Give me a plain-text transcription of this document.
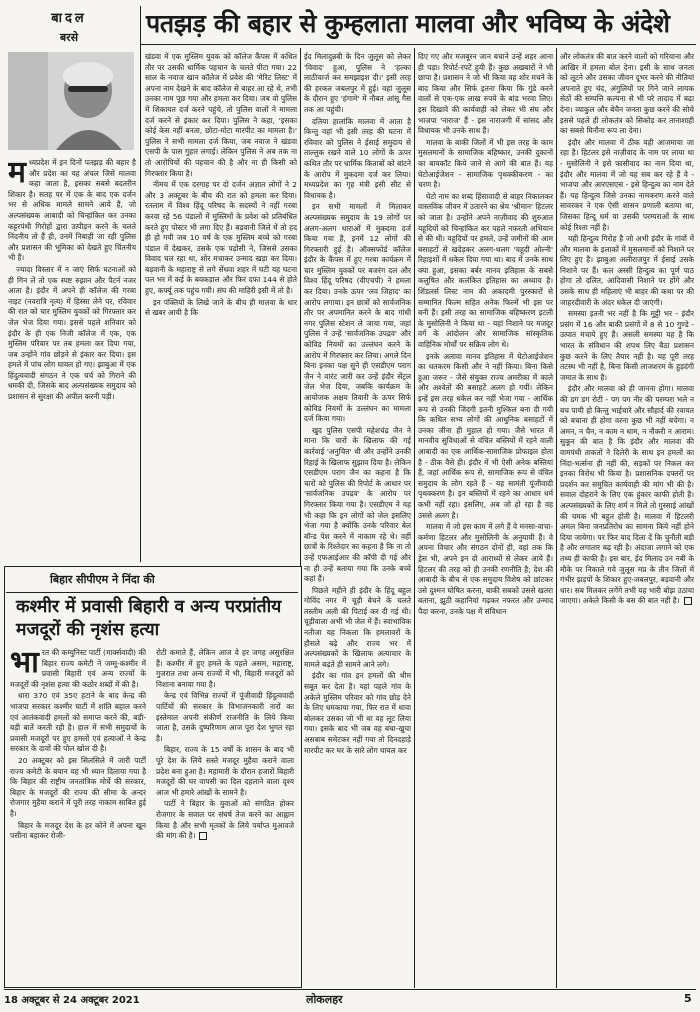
बादल
बरसे	पतझड़ की बहार से कुम्हलाता मालवा और भविष्य के अंदेशे

मध्यप्रदेश में इन दिनों पतझड़ की बहार है और प्रदेश का यह अंचल जिसे मालवा कहा जाता है, इसका सबसे बदतरीन शिकार है। सतह पर में एक के बाद एक दर्जन भर से अधिक मामले सामने आये हैं, जो अल्पसंख्यक आबादी को चिन्हांकित कर उनका कट्टरपंथी गिरोहों द्वारा उत्पीड़न करने के चलते निंदनीय तो हैं ही, उनमें निबाही जा रही पुलिस और प्रशासन की भूमिका को देखते हुए चिंतनीय भी हैं।

ज्यादा विस्तार में न जाएं सिर्फ घटनाओं को ही गिन लें तो एक स्पष्ट रुझान और पैटर्न नजर आता है। इंदौर में अपने ही कॉलेज की गरबा नाइट (नवरात्रि नृत्य) में हिस्सा लेने पर, रविवार की रात को चार मुस्लिम युवकों को गिरफ्तार कर जेल भेज दिया गया। इससे पहले शनिवार को इंदौर के ही एक निजी कॉलेज में एक, एक मुस्लिम परिवार पर तब हमला कर दिया गया, जब उन्होंने गांव छोड़ने से इंकार कर दिया। इस हमले में पांच लोग घायल हो गए। झाबुआ में एक हिंदुत्ववादी संगठन ने एक चर्च को गिराने की धमकी दी, जिसके बाद अल्पसंख्यक समुदाय को प्रशासन से सुरक्षा की अपील करनी पड़ी।

खंडवा में एक मुस्लिम युवक को कॉलेज कैंपस में कथित तौर पर उसकी धार्मिक पहचान के चलते पीटा गया। 22 साल के नवाज खान कॉलेज में प्रवेश की 'मेरिट लिस्ट' में अपना नाम देखने के बाद कॉलेज से बाहर आ रहे थे, तभी उनका नाम पूछ गया और हमला कर दिया। जब वो पुलिस में शिकायत दर्ज करने पहुंचे, तो पुलिस वालों ने मामला दर्ज करने से इंकार कर दिया। पुलिस ने कहा, 'इसका कोई केस नहीं बनता, छोटा-मोटा मारपीट का मामला है।' पुलिस ने सभी मामला दर्ज किया, जब नवाज ने खंडवा एसपी के पास गुहार लगाई। लेकिन पुलिस ने अब तक ना तो आरोपियों की पहचान की है और ना ही किसी को गिरफ्तार किया है।

नीमच में एक दरगाह पर दो दर्जन अज्ञात लोगों ने 2 और 3 अक्टूबर के बीच की रात को हमला कर दिया। रतलाम में विश्व हिंदू परिषद के सदस्यों ने नहीं गरबा करवा रहे 56 पंडालों में मुस्लिमों के प्रवेश को प्रतिबंधित करते हुए पोस्टर भी लगा दिए हैं। बड़वानी जिले में तो हद ही हो गयी जब 10 वर्ष के एक मुस्लिम बच्चे को गरबा पंडाल में देखकर, उसके एक पड़ोसी ने, जिससे उसका विवाद चल रहा था, शोर मचाकर उन्माद खड़ा कर दिया। बड़वानी के महाराष्ट्र से लगे सेंधवा शहर में घटी यह घटना पल भर में कई के बवकड़ाल और फिर दफा 144 से होते हुए, कर्फ्यू तक पहुंच गयी। संघ की माहिरी इसी में तो है।

इन पंक्तियों के लिखे जाने के बीच ही मालवा के धार से खबर आयी है कि

ईद मिलादुन्नबी के दिन जुलूस को लेकर 'विवाद' हुआ, पुलिस ने 'हल्का लाठीचार्ज कर समझाइश दी।' इसी तरह की हरकत जबलपुर में हुई। वहां जुलूस के दौरान हुए 'हंगामे' में नौबत आंसू गैस तक आ पहुंची।

दतिया हालांकि मालवा में आता है किन्तु वहां भी इसी तरह की घटना में रविवार को पुलिस ने ईसाई समुदाय से ताल्लुक रखने वाले 10 लोगों के ऊपर कथित तौर पर धार्मिक किताबों को बांटने के आरोप में मुकदमा दर्ज कर लिया। मध्यप्रदेश का गृह मंत्री इसी सीट से विधायक है।

इन सभी मामलों में मिलाकर अल्पसंख्यक समुदाय के 19 लोगों पर अलग-अलग धाराओं में मुकदमा दर्ज किया गया है, इनमें 12 लोगों की गिरफ्तारी हुई है। ऑक्सफोर्ड कॉलेज इंदौर के कैंपस में हुए गरबा कार्यक्रम में चार मुस्लिम युवकों पर बजरंग दल और विश्व हिंदू परिषद (वीएचपी) ने हमला कर दिया। उनके ऊपर 'लव जिहाद' का आरोप लगाया। इन छात्रों को सार्वजनिक तौर पर अपमानित करने के बाद गांधी नगर पुलिस स्टेशन ले जाया गया, जहां पुलिस ने उन्हें 'सार्वजनिक उपद्रव' और कोविड नियमों का उल्लंघन करने के आरोप में गिरफ्तार कर लिया। अगले दिन बिना इनका पक्ष सुने ही एसडीएम पराग जैन ने वारंट जारी कर उन्हें इंदौर सेंट्रल जेल भेज दिया, जबकि कार्यक्रम के आयोजक अक्षय तिवारी के ऊपर सिर्फ कोविड नियमों के उल्लंघन का मामला दर्ज किया गया।

खुद पुलिस एसपी महेशचंद्र जैन ने माना कि चारों के खिलाफ की गई कार्रवाई 'अनुचित' थी और उन्होंने उनकी रिहाई के खिलाफ सुझाव दिया है। लेकिन एसडीएम पराग जैन का कहना है कि चारों को पुलिस की रिपोर्ट के आधार पर 'सार्वजनिक उपद्रव' के आरोप पर गिरफ्तार किया गया है। एसडीएम ने यह भी कहा कि इन लोगों को जेल इसलिए भेजा गया है क्योंकि उनके परिवार बेल बॉन्ड पेश करने में नाकाम रहे थे। वहीं छात्रों के रिश्तेदार का कहना है कि ना तो उन्हें एफआईआर की कॉपी दी गई और ना ही उन्हें बताया गया कि उनके बच्चे कहां हैं।

पिछले महीने ही इंदौर के हिंदू बहुल गोविंद नगर में चूड़ी बेचने के चलते तस्लीम अली की पिटाई कर दी गई थी। चूड़ीवाला अभी भी जेल में हैं। स्वाभाविक नतीजा यह निकला कि हमलावरों के हौसले बढ़े और राज्य भर में अल्पसंख्यकों के खिलाफ अत्याचार के मामले बढ़ते ही सामने आने लगे।

इंदौर का गांव इन हमलों की थीम सबूत कर देता है। यहां पहले गांव के अकेले मुस्लिम परिवार को गांव छोड़ देने के लिए धमकाया गया, फिर रात में धावा बोलकर उसका जो भी था वह लूट लिया गया। इसके बाद भी जब वह बचा-खुचा असबाब समेटकर नहीं गया तो दिनदहाड़े मारपीट कर घर के सारे लोग घायल कर

दिए गए और मजबूरन जान बचाने उन्हें शहर आना ही पड़ा। रिपोर्ट-रपटें हुयी हैं। कुछ अखबारों ने भी छापा है। प्रशासन ने जो भी किया वह शोर मचने के बाद किया और सिर्फ इतना किया कि गुंडे करने वालों से एक-एक लाख रुपये के बांड भरवा लिए। इस दिखावे की कार्यवाही को लेकर भी संघ और भाजपा 'नाराज' हैं - इस नाराजगी में सांसद और विधायक भी उनके साथ हैं।

मालवा के बाकी जिलों में भी इस तरह के काम मुसलमानों के सामाजिक बहिष्कार, उनकी दुकानों का बायकॉट किये जाने से आगे की बात हैं। यह घेटोआईजेशन - सामाजिक पृथक्कीकरण - का चरण है।

घेटो नाम का शब्द हिंसावादी से बाहर निकालकर वास्तविक जीवन में उतारने का श्रेय 'श्रीमान' हिटलर को जाता है। उन्होंने अपने नाज़ीवाद की शुरुआत यहूदियों को चिन्हांकित कर पहले नफ़रती अभियान से की थी। यहूदियों पर हमले, उन्हें जमीनों की आम बसाहटों से खदेड़कर अलग-थलग 'यहूदी ओल्नी' रिहाइशों में धकेल दिया गया था। बाद में उनके साथ क्या हुआ, इसका बर्बर मानव इतिहास के सबसे कलुषित और कलंकित इतिहास का अध्याय है। शिंडलर्स लिस्ट नाम की अकादमी पुरस्कारों से सम्मानित फिल्म सहित अनेक फिल्में भी इस पर बनी हैं। इसी तरह का सामाजिक बहिष्करण इटली के मुसोलिनी ने किया था - यहां निशाने पर मजदूर वर्ग के आंदोलन और सामाजिक सांस्कृतिक वाहिनिक मोर्चों पर सक्रिय लोग थे।

इनके अलावा मानव इतिहास में घेटोआईजेशन का धतकरम किसी और ने नहीं किया। बिना किसे हुआ जरूर - जैसे संयुक्त राज्य अमरीका में काले और अश्वेतों की बसाहटें अलग हो गयीं। लेकिन इन्हें इस तरह धकेल कर नहीं भेजा गया - आर्थिक रूप से उनकी जिंदगी इतनी मुश्किल बना दी गयी कि कथित सभ्य लोगों की आधुनिक बसाहटों में उनका जीना ही मुहाल हो गया। जैसे भारत में मानवीय सुविधाओं से वंचित बस्तियों में रहने वाली आबादी का एक आर्थिक-सामाजिक प्रोफाइल होता है - ठीक वैसे ही। इंदौर में भी ऐसी अनेक बस्तियां हैं, जहां आर्थिक रूप से, सामाजिक रूप से वंचित समुदाय के लोग रहते हैं - यह सामंती पूंजीवादी पृथक्करण है। इन बस्तियों में रहने का आधार धर्म कभी नहीं रहा। इसलिए, अब जो हो रहा है वह उससे अलग है।

मालवा में जो इस काम में लगे हैं वे मनसा-वाचा-कर्मणा हिटलर और मुसोलिनी के अनुयायी हैं। वे अपना विचार और संगठन दोनों ही, वहां तक कि ड्रेस भी, अपने इन दो आराध्यों से लेकर आये हैं। हिटलर की तरह को ही उनकी रणनीति है; देश की आबादी के बीच से एक समुदाय विशेष को छांटकर उसे दुश्मन घोषित करना, बाकी सबको उससे खतरा बताना, झूठी कहानियां गढ़कर नफरत और उन्माद पैदा करना, उनके पक्ष में संविधान

और लोकतंत्र की बात करने वालों को गरियाना और आखिर में हमला बोल देना। इसी के साथ जनता को लूटने और उसका जीवन दूभर करने की नीतियां अपनाते हुए चंद, अंगुलियों पर गिने जाने लायक सेठों की सम्पत्ति कल्पना से भी परे तादाद में बढ़ा देना। व्याकुल और बेचैन जनता कुछ करने की सोचे इससे पहले ही लोकतंत्र को सिकोड़ कर तानाशाही का सबसे घिनौना रूप ला देना।

इंदौर और मालवा में ठीक यही आजमाया जा रहा है। हिटलर इसे नाज़ीवाद के नाम पर लाया था - मुसोलिनी ने इसे फासीवाद का नाम दिया था, इंदौर और मालवा में जो यह सब कर रहे हैं वे - भाजपा और आरएसएस - इसे हिन्दुत्व का नाम देते हैं। यह हिन्दुत्व जिसे उनका नामकरण करने वाले सावरकर ने एक ऐसी शासन प्रणाली बताया था, जिसका हिन्दू धर्म या उसकी परम्पराओं के साथ कोई रिश्ता नहीं है।

यही हिन्दुत्व गिरोह है जो अभी इंदौर के गांवों में और मालवा के इलाकों में मुसलमानों को निशाने पर लिए हुए है। झाबुआ अलीराजपुर में ईसाई उसके निशाने पर हैं। कल अस्सी हिन्दुत्व का पूर्ण पाठ होगा तो दलित, आदिवासी निशाने पर होंगे और उसके साथ ही महिलाएं भी बाहर की कथा पर की जाहरदीवारी के अंदर धकेल दी जाएंगी।

समस्या इतनी भर नहीं है कि मुट्ठी भर - इंदौर प्रसंग में 16 और बाकी प्रसंगों में 8 से 10 गुण्डे - उत्पात मचाये हुए हैं। असली समस्या यह है कि भारत के संविधान की शपथ लिए बैठा प्रशासन कुछ करने के लिए तैयार नहीं है। यह पूरी तरह तटस्थ भी नहीं है, बिना किसी लाजशरम के हुड़दंगी जमात के साथ है।

इंदौर और मालवा को ही जानना होगा। मालवा की डग डग रोटी - पग पग नीर की परम्परा भले न बच पायी हो किन्तु भाईचारे और सौहार्द की रवायत को बचाना ही होगा वरना कुछ भी नहीं बचेगा। न अमन, न चैन, न काम न धाम, न नौकरी न आराम। सुकून की बात है कि इंदौर और मालवा की वामपंथी ताकतों ने दिलेरी के साथ इन हमलों का निंदा-भर्त्सना ही नहीं की, सड़कों पर निकल कर इनका विरोध भी किया है। प्रशासनिक दफ्तरों पर प्रदर्शन कर समुचित कार्यवाही की मांग भी की है। सवाल दोहराने के लिए एक हुंकार काफी होती है। अल्पसंख्यकों के लिए शर्म न मिले तो गुस्साई आंखों की चमक भी बहुत होती है। मालवा में हिटलरी अमल बिना जनप्रतिरोध का सामना किये नहीं होने दिया जायेगा। पर फिर याद दिला दें कि चुनौती बड़ी है और लगातार बढ़ रही है। अंदाजा लगाने को एक तथ्य ही काफी है। इस बार, ईद मिलाद उन नबी के मौके पर निकाले गये जुलूस मप्र के तीन जिलों में गंभीर झड़पों के शिकार हुए-जबलपुर, बड़वानी और धार। सब मिलकर लगेंगे तभी यह भारी बोझ उठाया जाएगा। अकेले किसी के बस की बात नहीं है।

बिहार सीपीएम ने निंदा की
कश्मीर में प्रवासी बिहारी व अन्य परप्रांतीय मजदूरों की नृशंस हत्या

भारत की कम्युनिस्ट पार्टी (मार्क्सवादी) की बिहार राज्य कमेटी ने जम्मू-कश्मीर में प्रवासी बिहारी एवं अन्य राज्यों के मजदूरों की नृशंस हत्या की कठोर शब्दों में की है।

धारा 370 एवं 35ए हटाने के बाद केन्द्र की भाजपा सरकार कश्मीर घाटी में शांति बहाल करने एवं आतंकवादी हमलों को समाप्त करने की, बड़ी-बड़ी बातें करती रही है। हाल में सभी समुदायों के प्रवासी मजदूरों पर हुए हमलों एवं हत्याओं ने केन्द्र सरकार के दावों की पोल खोल दी है।

20 अक्टूबर को इस सिलसिले में जारी पार्टी राज्य कमेटी के बयान यह भी ध्यान दिलाया गया है कि बिहार की राष्ट्रीय जनतांत्रिक मोर्चे की सरकार, बिहार के मजदूरों की राज्य की सीमा के अन्दर रोजगार मुहैया कराने में पूरी तरह नाकाम साबित हुई है।

बिहार के मजदूर देश के हर कोने में अपना खून पसीना बहाकर रोजी-

रोटी कमाते हैं, लेकिन आज वे हर जगह असुरक्षित हैं। कश्मीर में हुए हमले के पहले असम, महाराष्ट्र, गुजरात तथा अन्य राज्यों में भी, बिहारी मजदूरों को निशाना बनाया गया है।

केन्द्र एवं विभिन्न राज्यों में पूंजीवादी हिंदुत्ववादी पार्टियों की सरकार के विभाजनकारी नारों का इस्तेमाल अपनी संकीर्ण राजनीति के लिये किया जाता है, उसके दुष्परिणाम आज पूरा देश भुगत रहा है।

बिहार, राज्य के 15 वर्षों के शासन के बाद भी पूरे देश के लिये सस्ते मजदूर मुहैया कराने वाला प्रदेश बना हुआ है। महामारी के दौरान हजारों बिहारी मजदूरों की घर वापसी का दिल दहलाने वाला दृश्य आज भी हमारे आंखों के सामने है।

पार्टी ने बिहार के युवाओं को संगठित होकर रोजगार के सवाल पर संघर्ष तेज करने का आह्वान किया है और सभी मृतकों के लिये पर्याप्त मुआवजे की मांग की है।

18 अक्टूबर से 24 अक्टूबर 2021	लोकलहर	5
